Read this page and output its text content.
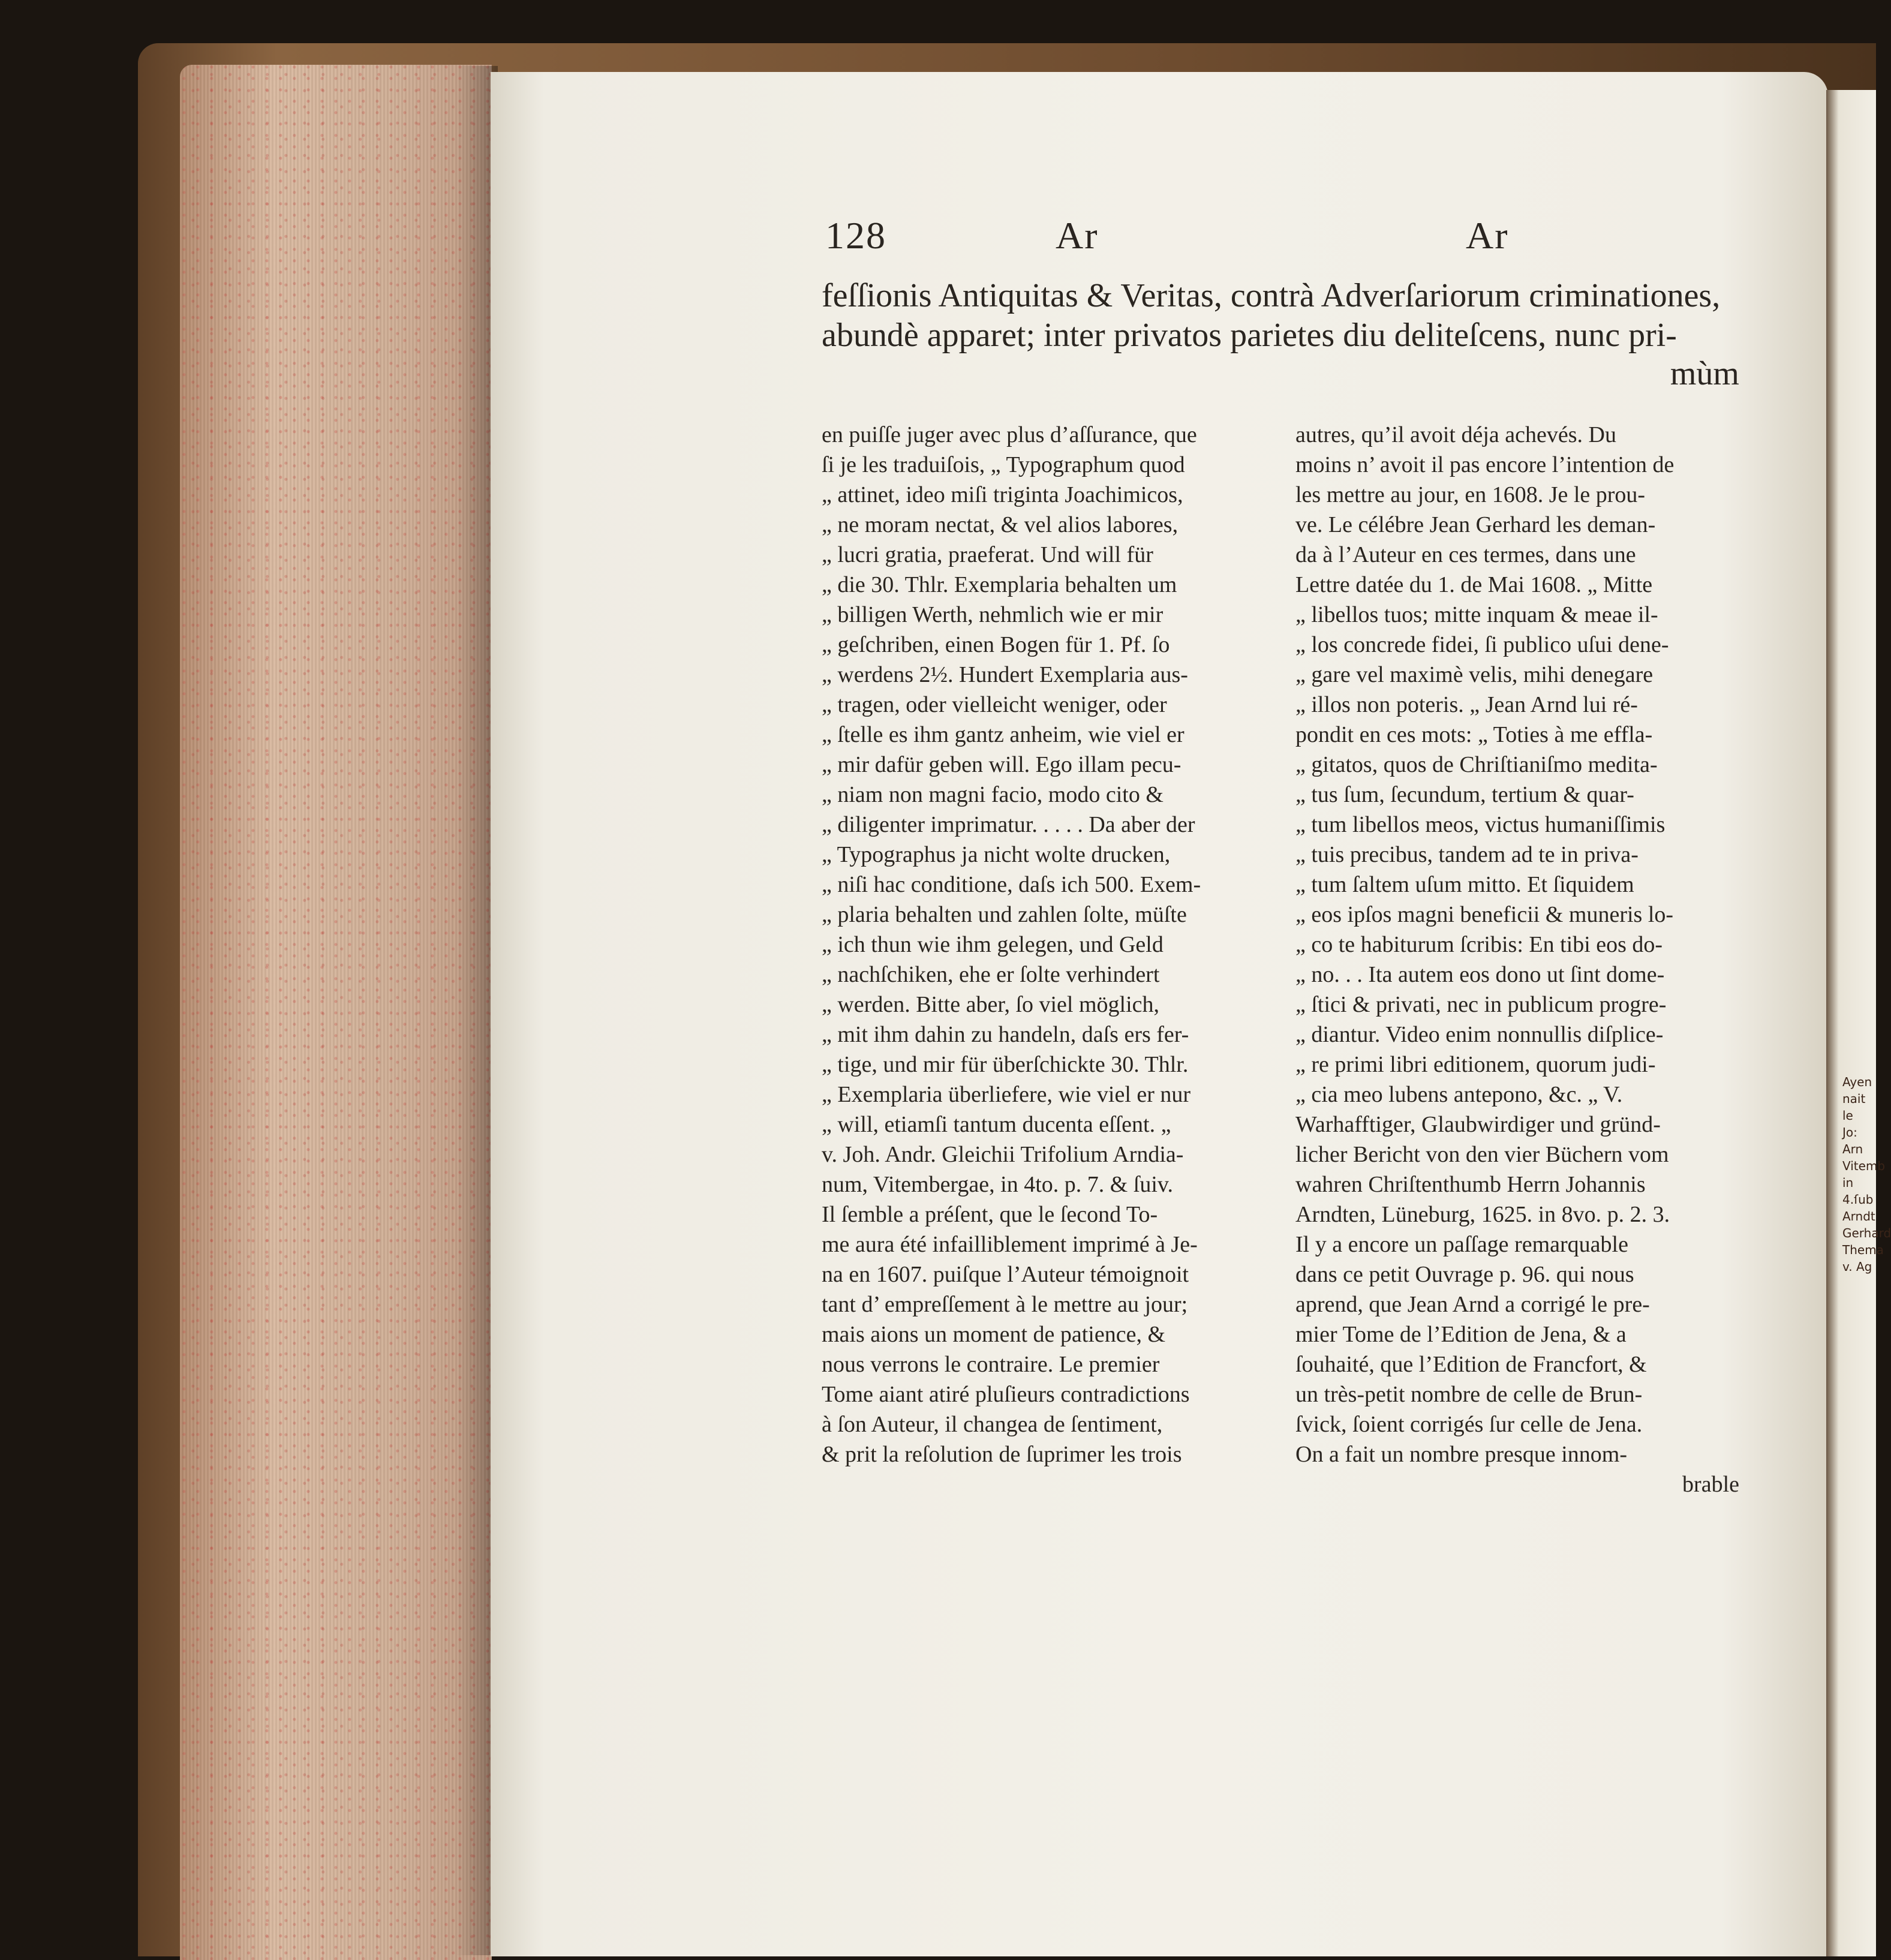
128	Ar	Ar
feſſionis Antiquitas & Veritas, contrà Adverſariorum criminationes,
abundè apparet; inter privatos parietes diu deliteſcens, nunc pri-
mùm
en puiſſe juger avec plus d’aſſurance, que
ſi je les traduiſois, „ Typographum quod
„ attinet, ideo miſi triginta Joachimicos,
„ ne moram nectat, & vel alios labores,
„ lucri gratia, praeferat. Und will für
„ die 30. Thlr. Exemplaria behalten um
„ billigen Werth, nehmlich wie er mir
„ geſchriben, einen Bogen für 1. Pf. ſo
„ werdens 2½. Hundert Exemplaria aus-
„ tragen, oder vielleicht weniger, oder
„ ſtelle es ihm gantz anheim, wie viel er
„ mir dafür geben will. Ego illam pecu-
„ niam non magni facio, modo cito &
„ diligenter imprimatur. . . . . Da aber der
„ Typographus ja nicht wolte drucken,
„ niſi hac conditione, daſs ich 500. Exem-
„ plaria behalten und zahlen ſolte, müſte
„ ich thun wie ihm gelegen, und Geld
„ nachſchiken, ehe er ſolte verhindert
„ werden. Bitte aber, ſo viel möglich,
„ mit ihm dahin zu handeln, daſs ers fer-
„ tige, und mir für überſchickte 30. Thlr.
„ Exemplaria überliefere, wie viel er nur
„ will, etiamſi tantum ducenta eſſent. „
v. Joh. Andr. Gleichii Trifolium Arndia-
num, Vitembergae, in 4to. p. 7. & ſuiv.
Il ſemble a préſent, que le ſecond To-
me aura été infailliblement imprimé à Je-
na en 1607. puiſque l’Auteur témoignoit
tant d’ empreſſement à le mettre au jour;
mais aions un moment de patience, &
nous verrons le contraire. Le premier
Tome aiant atiré pluſieurs contradictions
à ſon Auteur, il changea de ſentiment,
& prit la reſolution de ſuprimer les trois
autres, qu’il avoit déja achevés. Du
moins n’ avoit il pas encore l’intention de
les mettre au jour, en 1608. Je le prou-
ve. Le célébre Jean Gerhard les deman-
da à l’Auteur en ces termes, dans une
Lettre datée du 1. de Mai 1608. „ Mitte
„ libellos tuos; mitte inquam & meae il-
„ los concrede fidei, ſi publico uſui dene-
„ gare vel maximè velis, mihi denegare
„ illos non poteris. „ Jean Arnd lui ré-
pondit en ces mots: „ Toties à me effla-
„ gitatos, quos de Chriſtianiſmo medita-
„ tus ſum, ſecundum, tertium & quar-
„ tum libellos meos, victus humaniſſimis
„ tuis precibus, tandem ad te in priva-
„ tum ſaltem uſum mitto. Et ſiquidem
„ eos ipſos magni beneficii & muneris lo-
„ co te habiturum ſcribis: En tibi eos do-
„ no. . . Ita autem eos dono ut ſint dome-
„ ſtici & privati, nec in publicum progre-
„ diantur. Video enim nonnullis diſplice-
„ re primi libri editionem, quorum judi-
„ cia meo lubens antepono, &c. „ V.
Warhafftiger, Glaubwirdiger und gründ-
licher Bericht von den vier Büchern vom
wahren Chriſtenthumb Herrn Johannis
Arndten, Lüneburg, 1625. in 8vo. p. 2. 3.
Il y a encore un paſſage remarquable
dans ce petit Ouvrage p. 96. qui nous
aprend, que Jean Arnd a corrigé le pre-
mier Tome de l’Edition de Jena, & a
ſouhaité, que l’Edition de Francfort, &
un très-petit nombre de celle de Brun-
ſvick, ſoient corrigés ſur celle de Jena.
On a fait un nombre presque innom-
brable
Ayen
nait le
Jo: Arn
Vitemb
in 4.ſub
Arndt
Gerhard
Thema
v. Ag
